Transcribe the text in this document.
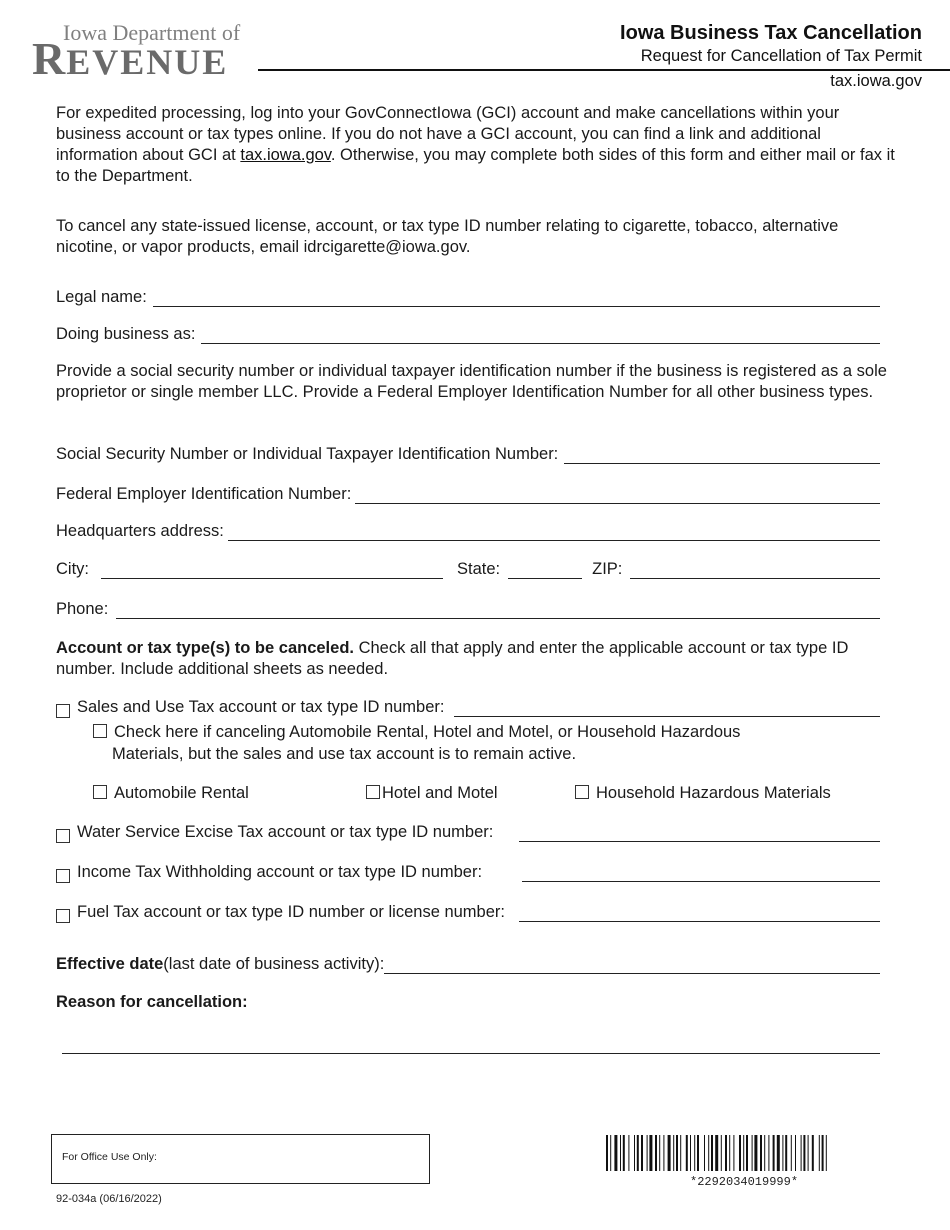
Iowa Department of
REVENUE
Iowa Business Tax Cancellation
Request for Cancellation of Tax Permit
tax.iowa.gov
For expedited processing, log into your GovConnectIowa (GCI) account and make cancellations within your business account or tax types online. If you do not have a GCI account, you can find a link and additional information about GCI at tax.iowa.gov. Otherwise, you may complete both sides of this form and either mail or fax it to the Department.
To cancel any state-issued license, account, or tax type ID number relating to cigarette, tobacco, alternative nicotine, or vapor products, email idrcigarette@iowa.gov.
Legal name:
Doing business as:
Provide a social security number or individual taxpayer identification number if the business is registered as a sole proprietor or single member LLC. Provide a Federal Employer Identification Number for all other business types.
Social Security Number or Individual Taxpayer Identification Number:
Federal Employer Identification Number:
Headquarters address:
City:	State:	ZIP:
Phone:
Account or tax type(s) to be canceled. Check all that apply and enter the applicable account or tax type ID number. Include additional sheets as needed.
Sales and Use Tax account or tax type ID number:
Check here if canceling Automobile Rental, Hotel and Motel, or Household Hazardous
Materials, but the sales and use tax account is to remain active.
Automobile Rental	Hotel and Motel	Household Hazardous Materials
Water Service Excise Tax account or tax type ID number:
Income Tax Withholding account or tax type ID number:
Fuel Tax account or tax type ID number or license number:
Effective date (last date of business activity):
Reason for cancellation:
For Office Use Only:
92-034a (06/16/2022)
*2292034019999*
